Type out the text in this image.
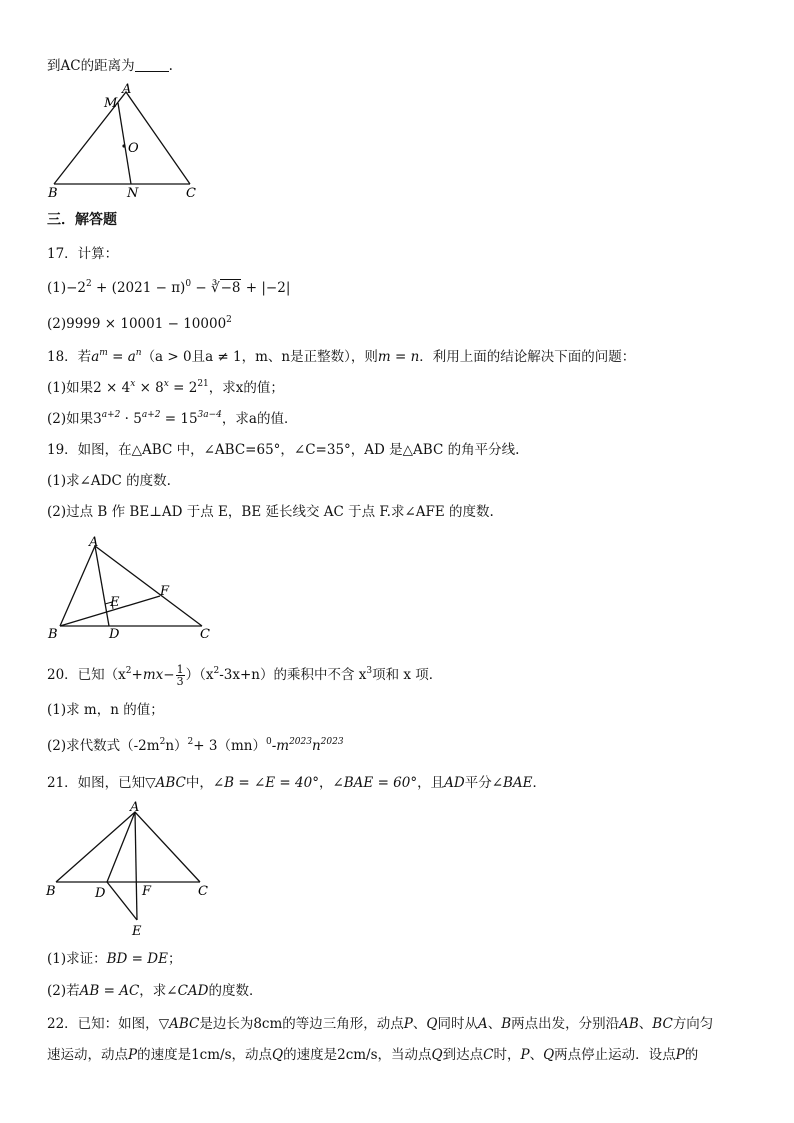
到AC的距离为	.
A
M
O
B	N	C
三．解答题
17．计算：
$(1)-2^2 + (2021 - \pi)^0$ − ∛−8 + |−2|
$(2)9999 \times 10001 - 10000^2$
18．若$a^m = a^n(a > 0$且a ≠ 1，m、n是正整数），则m = n．利用上面的结论解决下面的问题：
(1)如果$2 \times 4^x \times 8^x = 2^{21}$，求x的值；
(2)如果$3^{a+2} \cdot 5^{a+2} = 15^{3a-4}$，求a的值．
19．如图，在△ABC 中，∠ABC=65°，∠C=35°，AD 是△ABC 的角平分线.
(1)求∠ADC 的度数.
(2)过点 B 作 BE⊥AD 于点 E，BE 延长线交 AC 于点 F.求∠AFE 的度数.
A
F
E
B	D	C
20．已知$(x^2+mx- \frac{1}{3} )(x^2-3x+n)$的乘积中不含 $x^3$项和 x 项．
(1)求 m，n 的值；
(2)求代数式$(-2m^2n)^2+ 3(mn)^0-m^{2023}n^{2023}$
21．如图，已知▽ABC中，∠B = ∠E = 40°，∠BAE = 60°，且AD平分∠BAE．
A
B	D	F	C
E
(1)求证：BD = DE；
(2)若AB = AC，求∠CAD的度数．
22．已知：如图，▽ABC是边长为8cm的等边三角形，动点P、Q同时从A、B两点出发，分别沿AB、BC方向匀
速运动，动点P的速度是1cm/s，动点Q的速度是2cm/s，当动点Q到达点C时，P、Q两点停止运动．设点P的
